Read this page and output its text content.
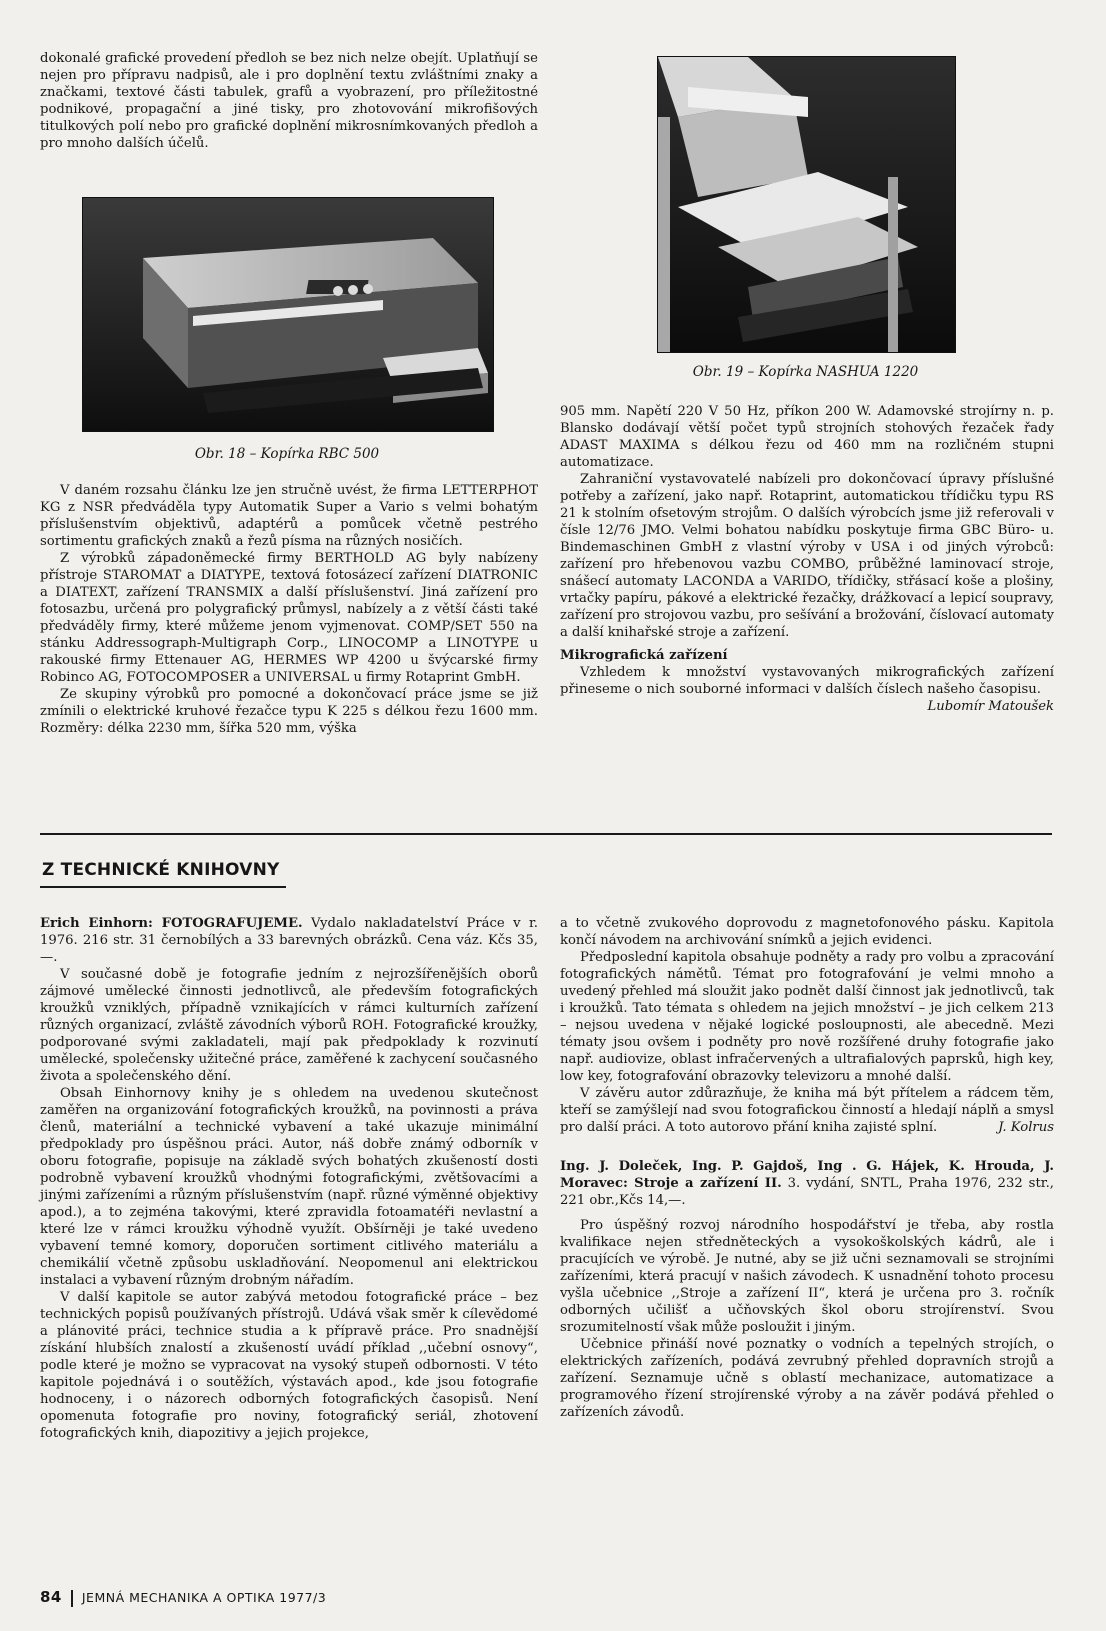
dokonalé grafické provedení předloh se bez nich nelze obejít. Uplatňují se nejen pro přípravu nadpisů, ale i pro doplnění textu zvláštními znaky a značkami, textové části tabulek, grafů a vyobrazení, pro příležitostné podnikové, propagační a jiné tisky, pro zhotovování mikrofišových titulkových polí nebo pro grafické doplnění mikrosnímkovaných předloh a pro mnoho dalších účelů.

Obr. 18 – Kopírka RBC 500
Obr. 19 – Kopírka NASHUA 1220

V daném rozsahu článku lze jen stručně uvést, že firma LETTERPHOT KG z NSR předváděla typy Automatik Super a Vario s velmi bohatým příslušenstvím objektivů, adaptérů a pomůcek včetně pestrého sortimentu grafických znaků a řezů písma na různých nosičích.

Z výrobků západoněmecké firmy BERTHOLD AG byly nabízeny přístroje STAROMAT a DIATYPE, textová fotosázecí zařízení DIATRONIC a DIATEXT, zařízení TRANSMIX a další příslušenství. Jiná zařízení pro fotosazbu, určená pro polygrafický průmysl, nabízely a z větší části také předváděly firmy, které můžeme jenom vyjmenovat. COMP/SET 550 na stánku Addressograph-Multigraph Corp., LINOCOMP a LINOTYPE u rakouské firmy Ettenauer AG, HERMES WP 4200 u švýcarské firmy Robinco AG, FOTOCOMPOSER a UNIVERSAL u firmy Rotaprint GmbH.

Ze skupiny výrobků pro pomocné a dokončovací práce jsme se již zmínili o elektrické kruhové řezačce typu K 225 s délkou řezu 1600 mm. Rozměry: délka 2230 mm, šířka 520 mm, výška

905 mm. Napětí 220 V 50 Hz, příkon 200 W. Adamovské strojírny n. p. Blansko dodávají větší počet typů strojních stohových řezaček řady ADAST MAXIMA s délkou řezu od 460 mm na rozličném stupni automatizace.

Zahraniční vystavovatelé nabízeli pro dokončovací úpravy příslušné potřeby a zařízení, jako např. Rotaprint, automatickou třídičku typu RS 21 k stolním ofsetovým strojům. O dalších výrobcích jsme již referovali v čísle 12/76 JMO. Velmi bohatou nabídku poskytuje firma GBC Büro- u. Bindemaschinen GmbH z vlastní výroby v USA i od jiných výrobců: zařízení pro hřebenovou vazbu COMBO, průběžné laminovací stroje, snášecí automaty LACONDA a VARIDO, třídičky, střásací koše a plošiny, vrtačky papíru, pákové a elektrické řezačky, drážkovací a lepicí soupravy, zařízení pro strojovou vazbu, pro sešívání a brožování, číslovací automaty a další knihařské stroje a zařízení.

Mikrografická zařízení

Vzhledem k množství vystavovaných mikrografických zařízení přineseme o nich souborné informaci v dalších číslech našeho časopisu.

Lubomír Matoušek

Z TECHNICKÉ KNIHOVNY

Erich Einhorn: FOTOGRAFUJEME. Vydalo nakladatelství Práce v r. 1976. 216 str. 31 černobílých a 33 barevných obrázků. Cena váz. Kčs 35,—.

V současné době je fotografie jedním z nejrozšířenějších oborů zájmové umělecké činnosti jednotlivců, ale především fotografických kroužků vzniklých, případně vznikajících v rámci kulturních zařízení různých organizací, zvláště závodních výborů ROH. Fotografické kroužky, podporované svými zakladateli, mají pak předpoklady k rozvinutí umělecké, společensky užitečné práce, zaměřené k zachycení současného života a společenského dění.

Obsah Einhornovy knihy je s ohledem na uvedenou skutečnost zaměřen na organizování fotografických kroužků, na povinnosti a práva členů, materiální a technické vybavení a také ukazuje minimální předpoklady pro úspěšnou práci. Autor, náš dobře známý odborník v oboru fotografie, popisuje na základě svých bohatých zkušeností dosti podrobně vybavení kroužků vhodnými fotografickými, zvětšovacími a jinými zařízeními a různým příslušenstvím (např. různé výměnné objektivy apod.), a to zejména takovými, které zpravidla fotoamatéři nevlastní a které lze v rámci kroužku výhodně využít. Obšírněji je také uvedeno vybavení temné komory, doporučen sortiment citlivého materiálu a chemikálií včetně způsobu uskladňování. Neopomenul ani elektrickou instalaci a vybavení různým drobným nářadím.

V další kapitole se autor zabývá metodou fotografické práce – bez technických popisů používaných přístrojů. Udává však směr k cílevědomé a plánovité práci, technice studia a k přípravě práce. Pro snadnější získání hlubších znalostí a zkušeností uvádí příklad ,,učební osnovy“, podle které je možno se vypracovat na vysoký stupeň odbornosti. V této kapitole pojednává i o soutěžích, výstavách apod., kde jsou fotografie hodnoceny, i o názorech odborných fotografických časopisů. Není opomenuta fotografie pro noviny, fotografický seriál, zhotovení fotografických knih, diapozitivy a jejich projekce,

a to včetně zvukového doprovodu z magnetofonového pásku. Kapitola končí návodem na archivování snímků a jejich evidenci.

Předposlední kapitola obsahuje podněty a rady pro volbu a zpracování fotografických námětů. Témat pro fotografování je velmi mnoho a uvedený přehled má sloužit jako podnět další činnost jak jednotlivců, tak i kroužků. Tato témata s ohledem na jejich množství – je jich celkem 213 – nejsou uvedena v nějaké logické posloupnosti, ale abecedně. Mezi tématy jsou ovšem i podněty pro nově rozšířené druhy fotografie jako např. audiovize, oblast infračervených a ultrafialových paprsků, high key, low key, fotografování obrazovky televizoru a mnohé další.

V závěru autor zdůrazňuje, že kniha má být přítelem a rádcem těm, kteří se zamýšlejí nad svou fotografickou činností a hledají náplň a smysl pro další práci. A toto autorovo přání kniha zajisté splní.	J. Kolrus

Ing. J. Doleček, Ing. P. Gajdoš, Ing . G. Hájek, K. Hrouda, J. Moravec: Stroje a zařízení II. 3. vydání, SNTL, Praha 1976, 232 str., 221 obr.,Kčs 14,—.

Pro úspěšný rozvoj národního hospodářství je třeba, aby rostla kvalifikace nejen středněteckých a vysokoškolských kádrů, ale i pracujících ve výrobě. Je nutné, aby se již učni seznamovali se strojními zařízeními, která pracují v našich závodech. K usnadnění tohoto procesu vyšla učebnice ,,Stroje a zařízení II“, která je určena pro 3. ročník odborných učilišť a učňovských škol oboru strojírenství. Svou srozumitelností však může posloužit i jiným.

Učebnice přináší nové poznatky o vodních a tepelných strojích, o elektrických zařízeních, podává zevrubný přehled dopravních strojů a zařízení. Seznamuje učně s oblastí mechanizace, automatizace a programového řízení strojírenské výroby a na závěr podává přehled o zařízeních závodů.

84 JEMNÁ MECHANIKA A OPTIKA 1977/3
